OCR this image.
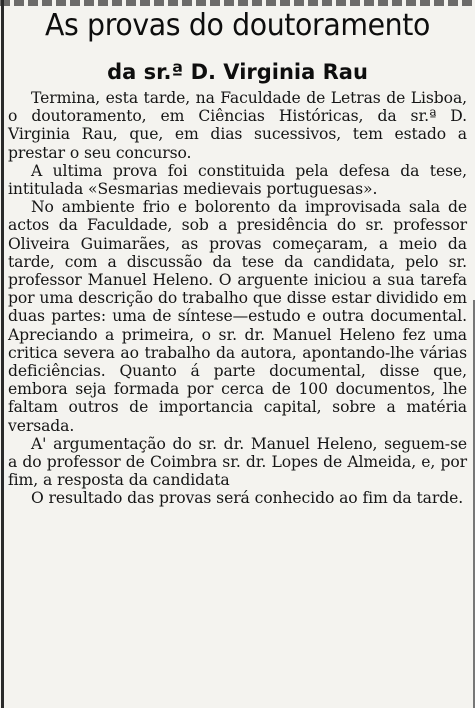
As provas do doutoramento
da sr.ª D. Virginia Rau

Termina, esta tarde, na Faculdade de Letras de Lisboa, o doutoramento, em Ciências Históricas, da sr.ª D. Virginia Rau, que, em dias sucessivos, tem estado a prestar o seu concurso.

A ultima prova foi constituida pela defesa da tese, intitulada «Sesmarias medievais portuguesas».

No ambiente frio e bolorento da improvisada sala de actos da Faculdade, sob a presidência do sr. professor Oliveira Guimarães, as provas começaram, a meio da tarde, com a discussão da tese da candidata, pelo sr. professor Manuel Heleno. O arguente iniciou a sua tarefa por uma descrição do trabalho que disse estar dividido em duas partes: uma de síntese—estudo e outra documental. Apreciando a primeira, o sr. dr. Manuel Heleno fez uma critica severa ao trabalho da autora, apontando-lhe várias deficiências. Quanto á parte documental, disse que, embora seja formada por cerca de 100 documentos, lhe faltam outros de importancia capital, sobre a matéria versada.

A' argumentação do sr. dr. Manuel Heleno, seguem-se a do professor de Coimbra sr. dr. Lopes de Almeida, e, por fim, a resposta da candidata

O resultado das provas será conhecido ao fim da tarde.
